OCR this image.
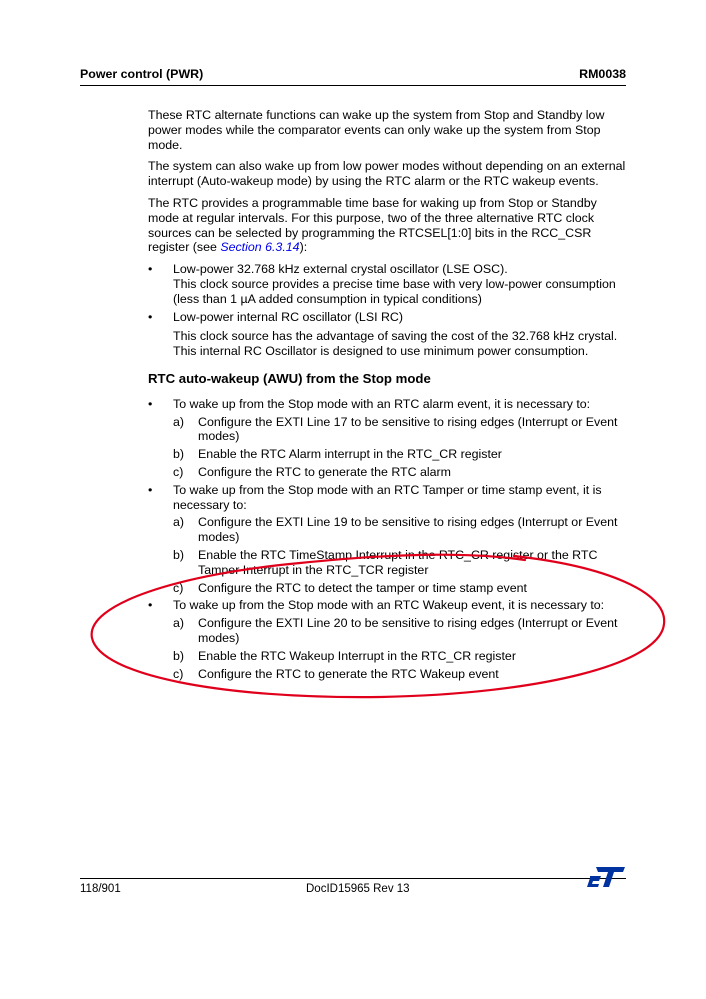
Power control (PWR)	RM0038

These RTC alternate functions can wake up the system from Stop and Standby low power modes while the comparator events can only wake up the system from Stop mode.

The system can also wake up from low power modes without depending on an external interrupt (Auto-wakeup mode) by using the RTC alarm or the RTC wakeup events.

The RTC provides a programmable time base for waking up from Stop or Standby mode at regular intervals. For this purpose, two of the three alternative RTC clock sources can be selected by programming the RTCSEL[1:0] bits in the RCC_CSR register (see Section 6.3.14):

• Low-power 32.768 kHz external crystal oscillator (LSE OSC).
This clock source provides a precise time base with very low-power consumption (less than 1 µA added consumption in typical conditions)
• Low-power internal RC oscillator (LSI RC)
This clock source has the advantage of saving the cost of the 32.768 kHz crystal. This internal RC Oscillator is designed to use minimum power consumption.
RTC auto-wakeup (AWU) from the Stop mode
• To wake up from the Stop mode with an RTC alarm event, it is necessary to:
a) Configure the EXTI Line 17 to be sensitive to rising edges (Interrupt or Event modes)
b) Enable the RTC Alarm interrupt in the RTC_CR register
c) Configure the RTC to generate the RTC alarm
• To wake up from the Stop mode with an RTC Tamper or time stamp event, it is necessary to:
a) Configure the EXTI Line 19 to be sensitive to rising edges (Interrupt or Event modes)
b) Enable the RTC TimeStamp Interrupt in the RTC_CR register or the RTC Tamper Interrupt in the RTC_TCR register
c) Configure the RTC to detect the tamper or time stamp event
• To wake up from the Stop mode with an RTC Wakeup event, it is necessary to:
a) Configure the EXTI Line 20 to be sensitive to rising edges (Interrupt or Event modes)
b) Enable the RTC Wakeup Interrupt in the RTC_CR register
c) Configure the RTC to generate the RTC Wakeup event
118/901	DocID15965 Rev 13
